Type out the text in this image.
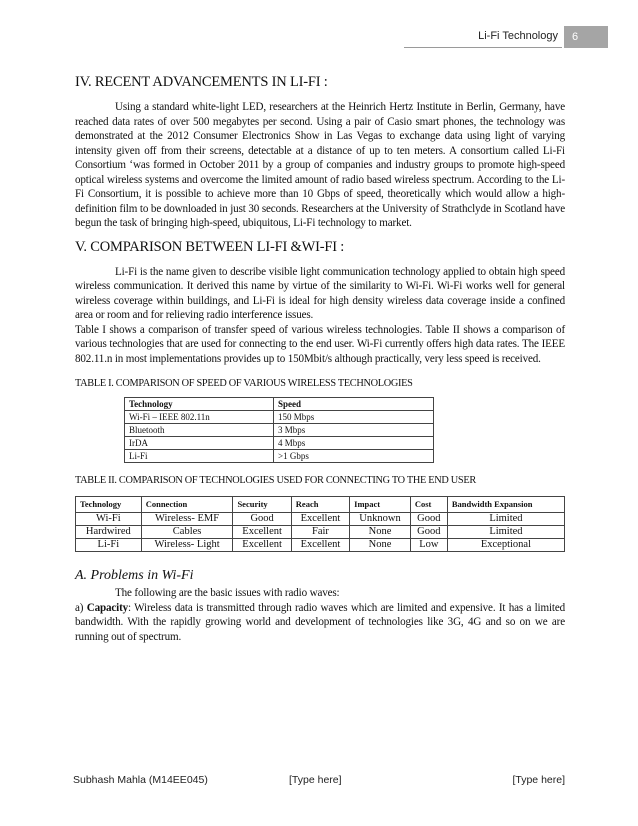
Li-Fi Technology	6
IV. RECENT ADVANCEMENTS IN LI-FI :

Using a standard white-light LED, researchers at the Heinrich Hertz Institute in Berlin, Germany, have reached data rates of over 500 megabytes per second. Using a pair of Casio smart phones, the technology was demonstrated at the 2012 Consumer Electronics Show in Las Vegas to exchange data using light of varying intensity given off from their screens, detectable at a distance of up to ten meters. A consortium called Li-Fi Consortium ‘was formed in October 2011 by a group of companies and industry groups to promote high-speed optical wireless systems and overcome the limited amount of radio based wireless spectrum. According to the Li-Fi Consortium, it is possible to achieve more than 10 Gbps of speed, theoretically which would allow a high-definition film to be downloaded in just 30 seconds. Researchers at the University of Strathclyde in Scotland have begun the task of bringing high-speed, ubiquitous, Li-Fi technology to market.

V. COMPARISON BETWEEN LI-FI &WI-FI :

Li-Fi is the name given to describe visible light communication technology applied to obtain high speed wireless communication. It derived this name by virtue of the similarity to Wi-Fi. Wi-Fi works well for general wireless coverage within buildings, and Li-Fi is ideal for high density wireless data coverage inside a confined area or room and for relieving radio interference issues.

Table I shows a comparison of transfer speed of various wireless technologies. Table II shows a comparison of various technologies that are used for connecting to the end user. Wi-Fi currently offers high data rates. The IEEE 802.11.n in most implementations provides up to 150Mbit/s although practically, very less speed is received.

TABLE I. COMPARISON OF SPEED OF VARIOUS WIRELESS TECHNOLOGIES
Technology	Speed
Wi-Fi – IEEE 802.11n	150 Mbps
Bluetooth	3 Mbps
IrDA	4 Mbps
Li-Fi	>1 Gbps
TABLE II. COMPARISON OF TECHNOLOGIES USED FOR CONNECTING TO THE END USER
Technology	Connection	Security	Reach	Impact	Cost	Bandwidth Expansion
Wi-Fi	Wireless- EMF	Good	Excellent	Unknown	Good	Limited
Hardwired	Cables	Excellent	Fair	None	Good	Limited
Li-Fi	Wireless- Light	Excellent	Excellent	None	Low	Exceptional
A. Problems in Wi-Fi

The following are the basic issues with radio waves:

a) Capacity: Wireless data is transmitted through radio waves which are limited and expensive. It has a limited bandwidth. With the rapidly growing world and development of technologies like 3G, 4G and so on we are running out of spectrum.

Subhash Mahla (M14EE045)	[Type here]	[Type here]
